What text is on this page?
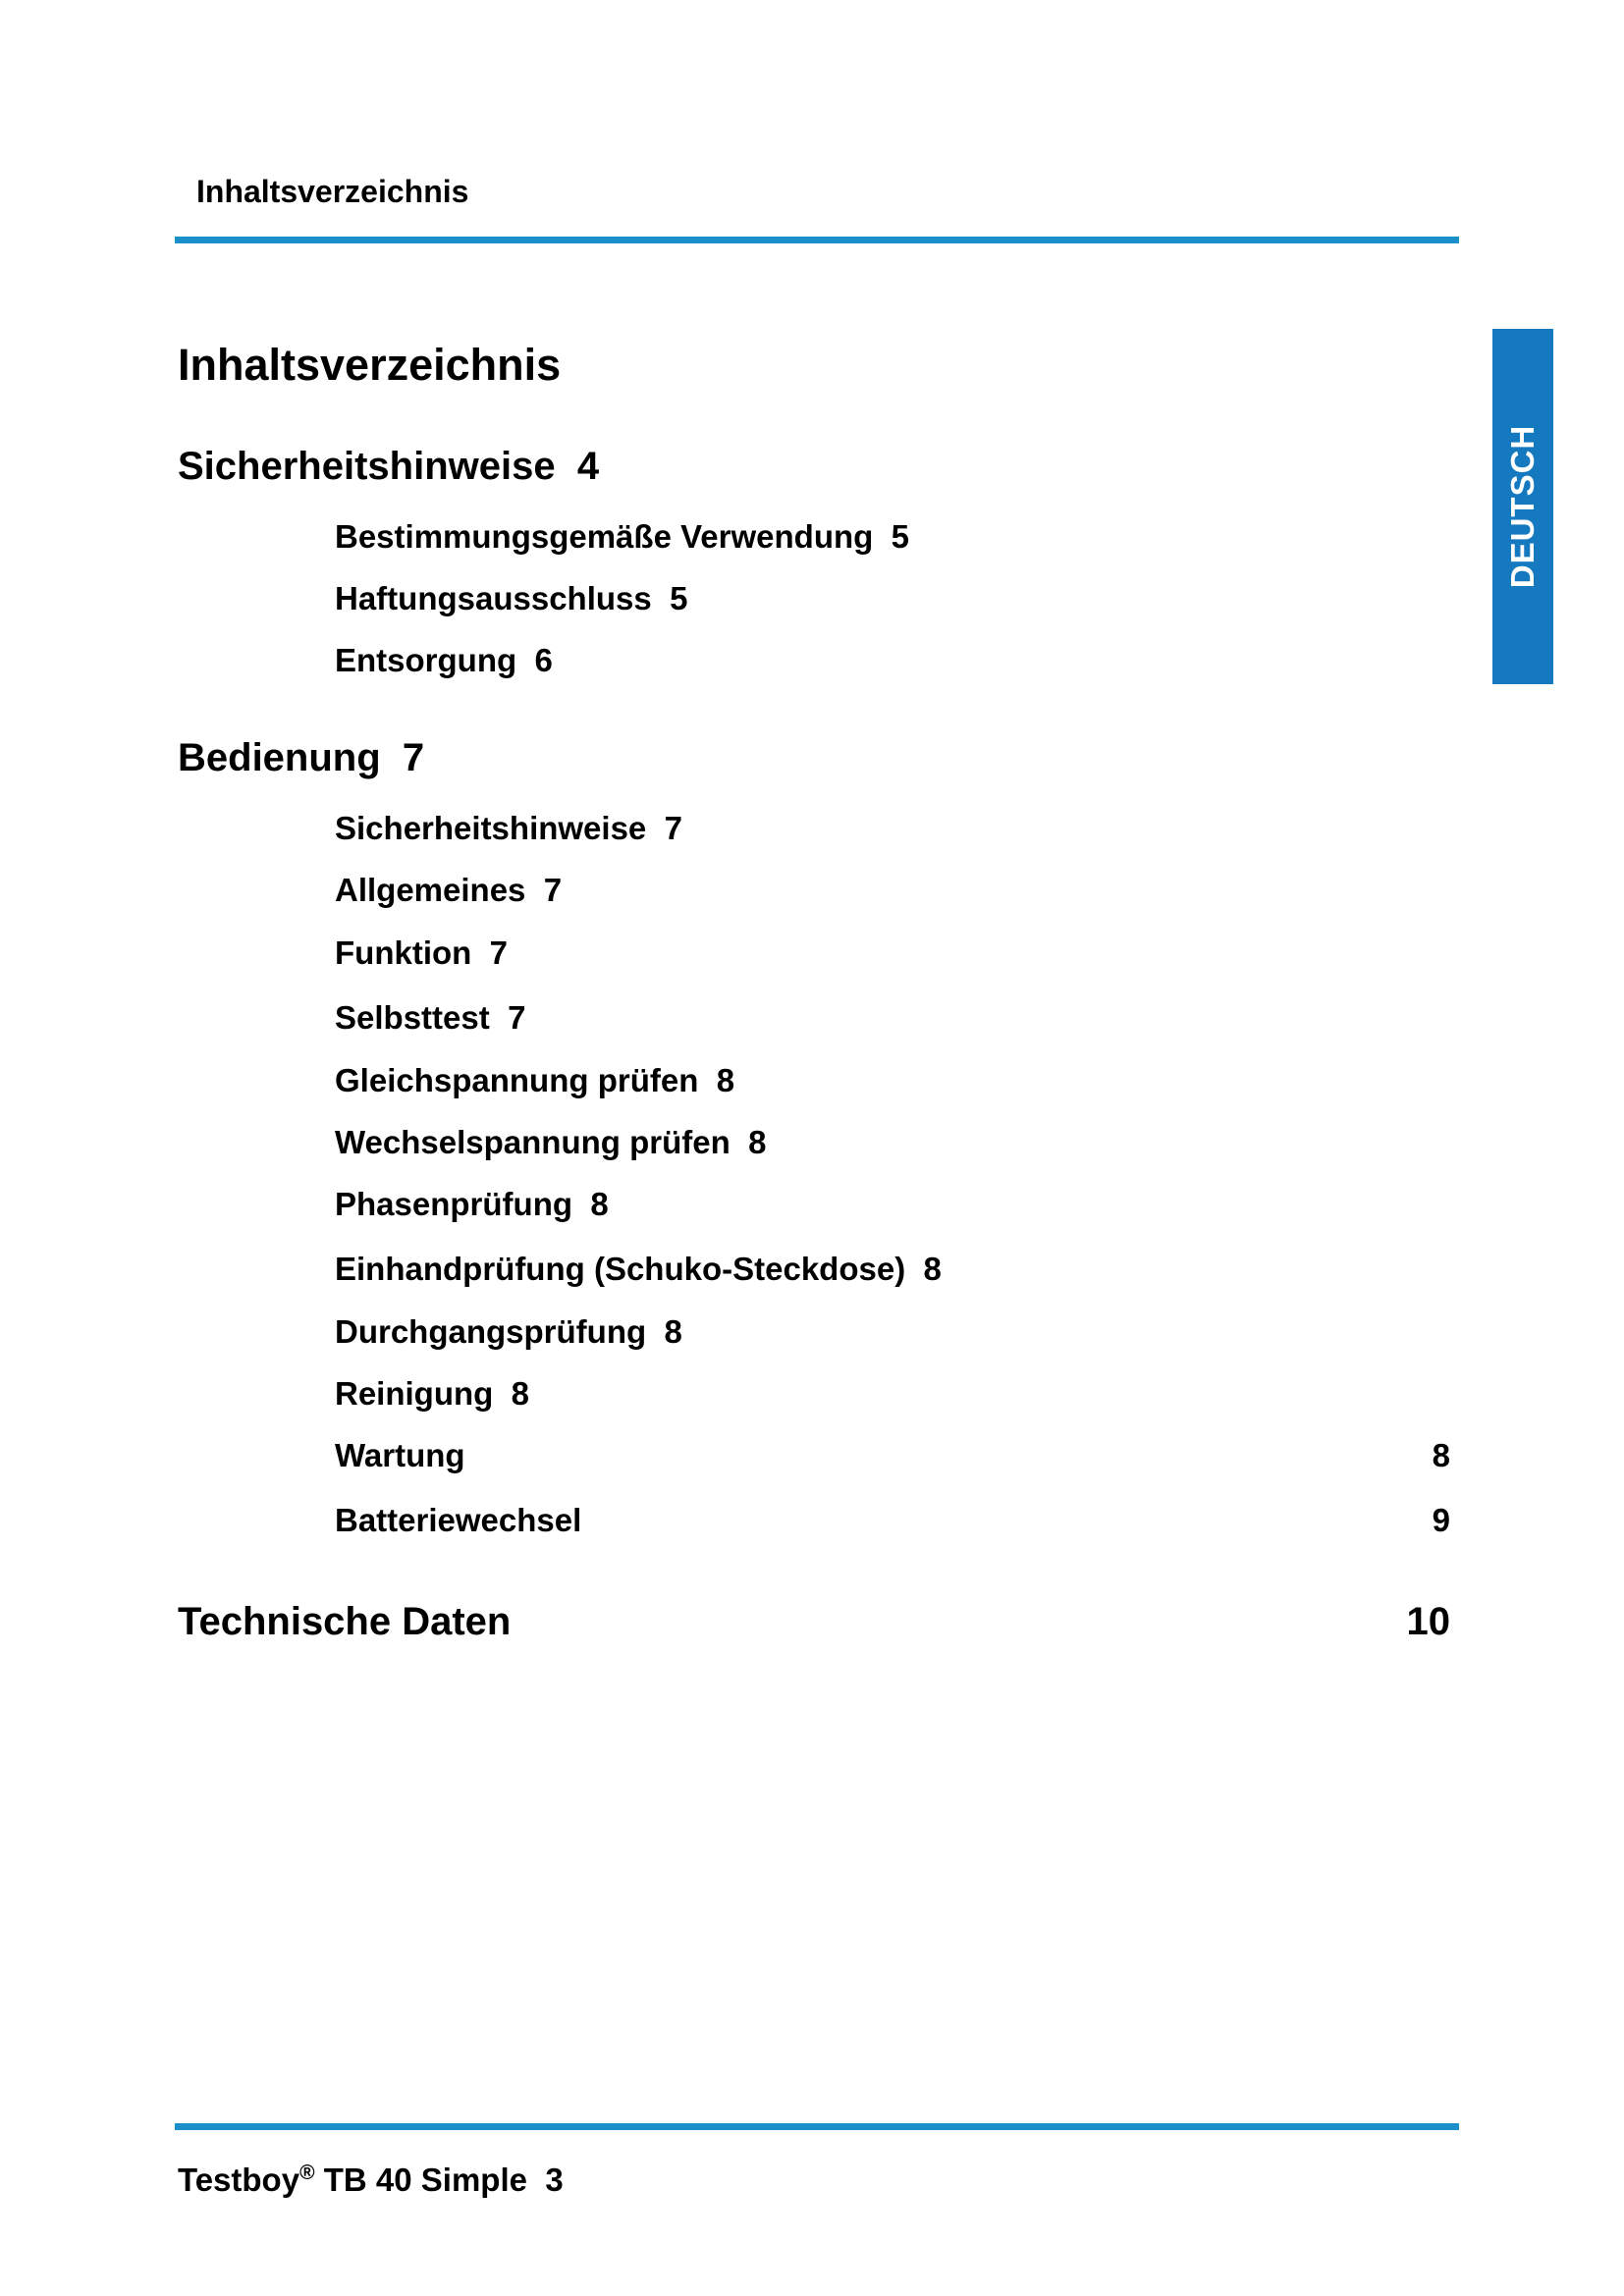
Inhaltsverzeichnis
DEUTSCH
Inhaltsverzeichnis
Sicherheitshinweise 4
Bestimmungsgemäße Verwendung 5
Haftungsausschluss 5
Entsorgung 6
Bedienung 7
Sicherheitshinweise 7
Allgemeines 7
Funktion 7
Selbsttest 7
Gleichspannung prüfen 8
Wechselspannung prüfen 8
Phasenprüfung 8
Einhandprüfung (Schuko-Steckdose) 8
Durchgangsprüfung 8
Reinigung 8
Wartung	8
Batteriewechsel	9
Technische Daten	10
Testboy® TB 40 Simple 3
